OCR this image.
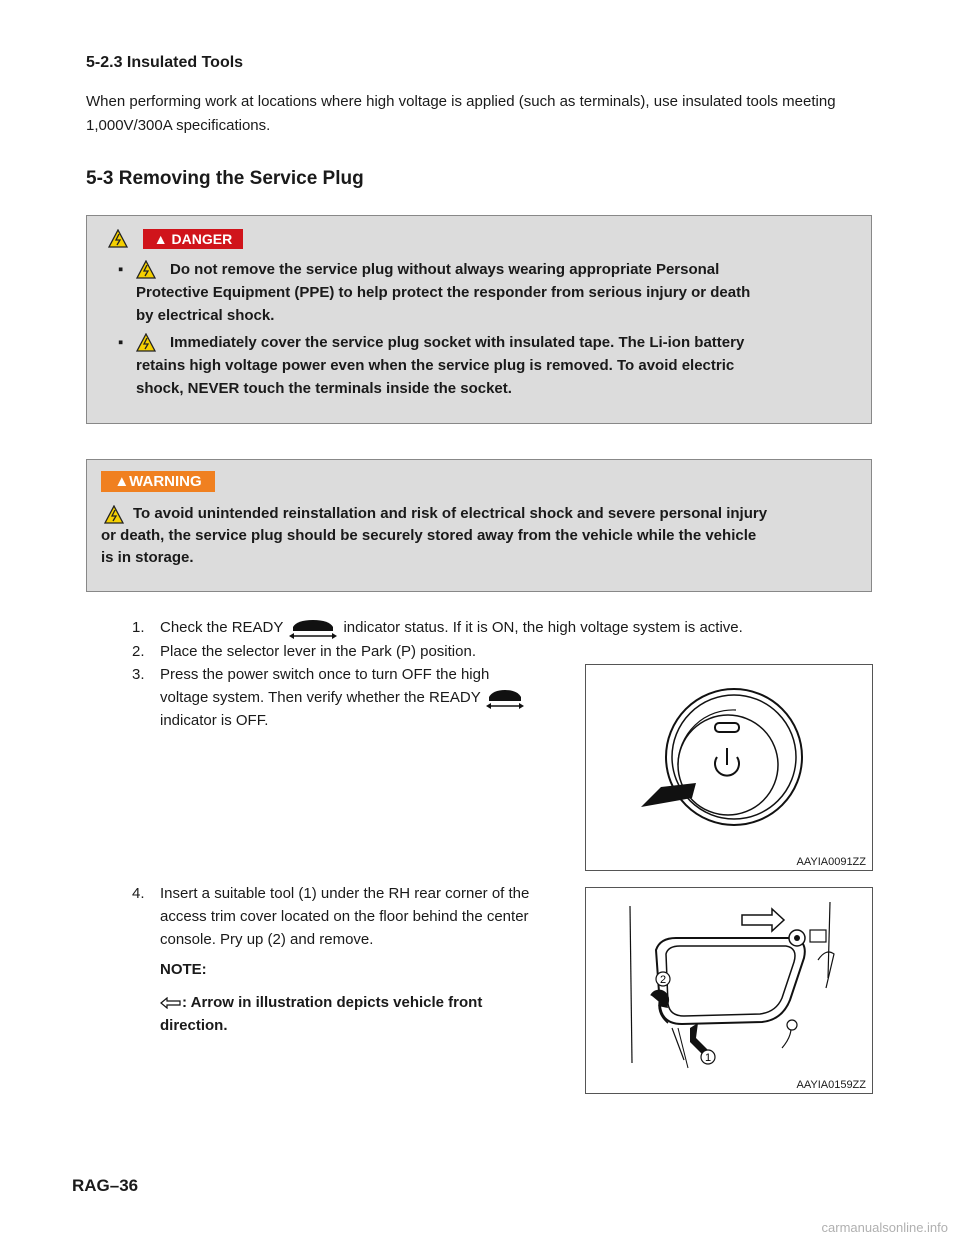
5-2.3 Insulated Tools
When performing work at locations where high voltage is applied (such as terminals), use insulated tools meeting 1,000V/300A specifications.
5-3 Removing the Service Plug
▲ DANGER
▪	Do not remove the service plug without always wearing appropriate Personal
Protective Equipment (PPE) to help protect the responder from serious injury or death
by electrical shock.
▪	Immediately cover the service plug socket with insulated tape. The Li-ion battery
retains high voltage power even when the service plug is removed. To avoid electric
shock, NEVER touch the terminals inside the socket.
▲WARNING
To avoid unintended reinstallation and risk of electrical shock and severe personal injury
or death, the service plug should be securely stored away from the vehicle while the vehicle
is in storage.
1. Check the READY	indicator status. If it is ON, the high voltage system is active.
2. Place the selector lever in the Park (P) position.
3. Press the power switch once to turn OFF the high
voltage system. Then verify whether the READY
indicator is OFF.
AAYIA0091ZZ
4. Insert a suitable tool (1) under the RH rear corner of the
access trim cover located on the floor behind the center
console. Pry up (2) and remove.
NOTE:
: Arrow in illustration depicts vehicle front
direction.
2
1
AAYIA0159ZZ
RAG–36
carmanualsonline.info
